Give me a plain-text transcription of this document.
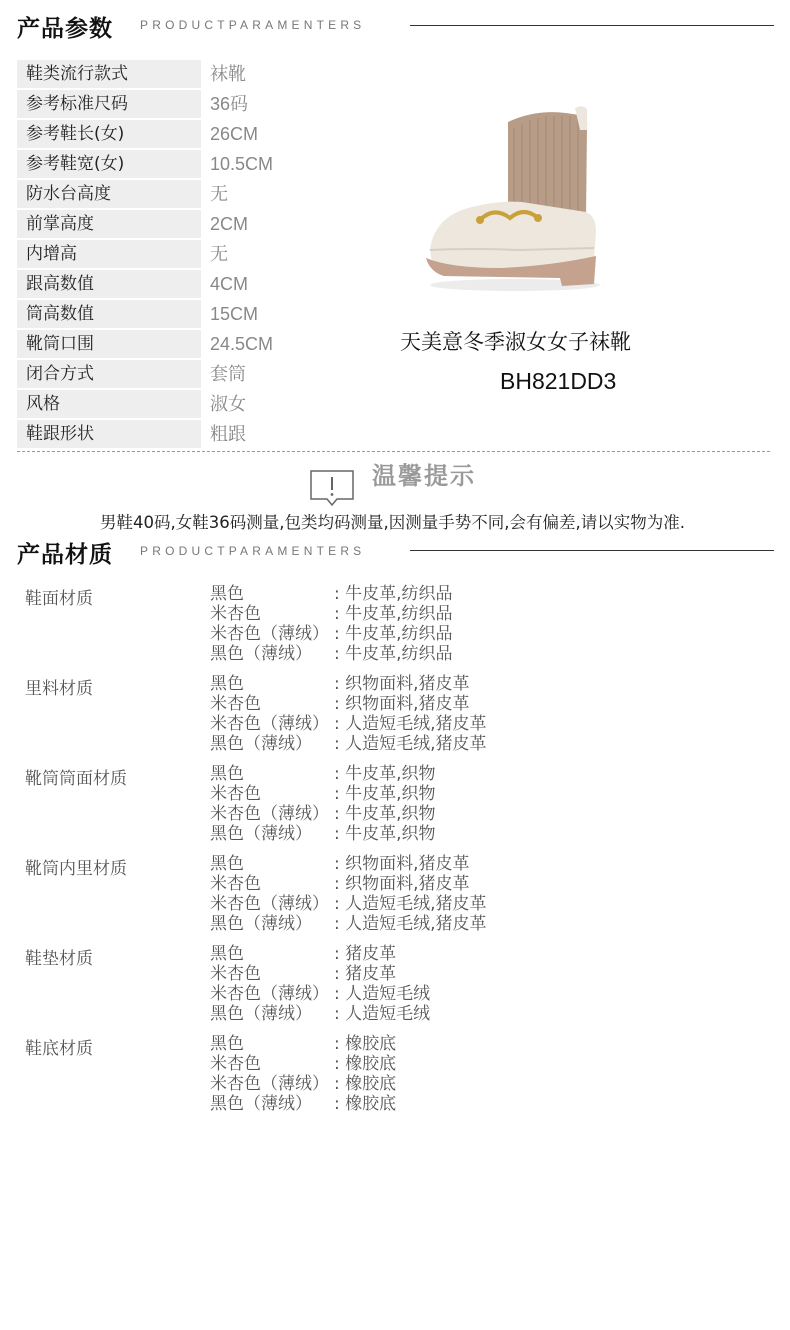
产品参数 PRODUCTPARAMENTERS
鞋类流行款式	袜靴
参考标准尺码	36码
参考鞋长(女)	26CM
参考鞋宽(女)	10.5CM
防水台高度	无
前掌高度	2CM
内增高	无
跟高数值	4CM
筒高数值	15CM
靴筒口围	24.5CM
闭合方式	套筒
风格	淑女
鞋跟形状	粗跟
天美意冬季淑女女子袜靴
BH821DD3
温馨提示
男鞋40码,女鞋36码测量,包类均码测量,因测量手势不同,会有偏差,请以实物为准.
产品材质 PRODUCTPARAMENTERS
鞋面材质	黑色	: 牛皮革,纺织品
米杏色	: 牛皮革,纺织品
米杏色（薄绒） : 牛皮革,纺织品
黑色（薄绒） : 牛皮革,纺织品
里料材质	黑色	: 织物面料,猪皮革
米杏色	: 织物面料,猪皮革
米杏色（薄绒） : 人造短毛绒,猪皮革
黑色（薄绒） : 人造短毛绒,猪皮革
靴筒筒面材质	黑色	: 牛皮革,织物
米杏色	: 牛皮革,织物
米杏色（薄绒） : 牛皮革,织物
黑色（薄绒） : 牛皮革,织物
靴筒内里材质	黑色	: 织物面料,猪皮革
米杏色	: 织物面料,猪皮革
米杏色（薄绒） : 人造短毛绒,猪皮革
黑色（薄绒） : 人造短毛绒,猪皮革
鞋垫材质	黑色	: 猪皮革
米杏色	: 猪皮革
米杏色（薄绒） : 人造短毛绒
黑色（薄绒） : 人造短毛绒
鞋底材质	黑色	: 橡胶底
米杏色	: 橡胶底
米杏色（薄绒） : 橡胶底
黑色（薄绒） : 橡胶底
